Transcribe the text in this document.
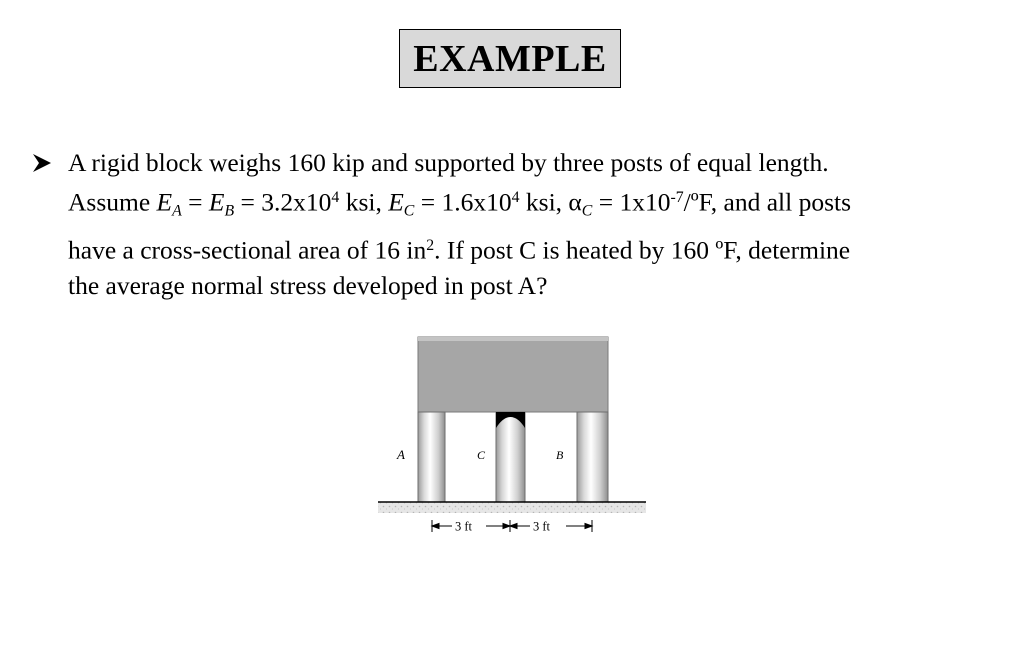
EXAMPLE
A rigid block weighs 160 kip and supported by three posts of equal length.
Assume $E_A = E_B = 3.2x10^4$ ksi, $E_C = 1.6x10^4$ ksi, $\alpha_C$ = $1x10^{-7}/ºF$, and all posts
have a cross-sectional area of 16 $in^2$. If post C is heated by 160 ºF, determine
the average normal stress developed in post A?
A	C	B
3 ft	3 ft
